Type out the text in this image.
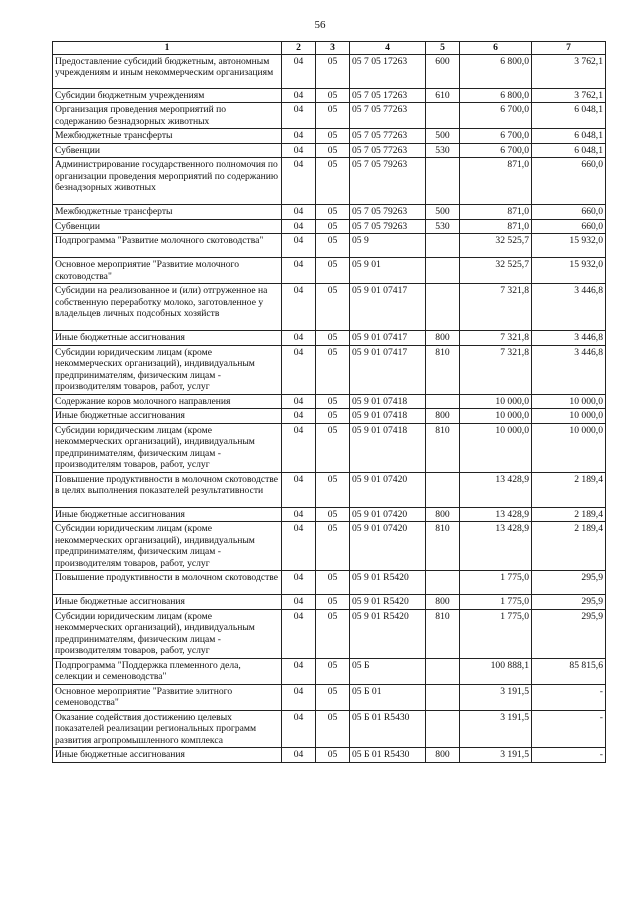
56
1	2	3	4	5	6	7
Предоставление субсидий бюджетным, автономным учреждениям и иным некоммерческим организациям	04	05	05 7 05 17263	600	6 800,0	3 762,1
Субсидии бюджетным учреждениям	04	05	05 7 05 17263	610	6 800,0	3 762,1
Организация проведения мероприятий по содержанию безнадзорных животных	04	05	05 7 05 77263		6 700,0	6 048,1
Межбюджетные трансферты	04	05	05 7 05 77263	500	6 700,0	6 048,1
Субвенции	04	05	05 7 05 77263	530	6 700,0	6 048,1
Администрирование государственного полномочия по организации проведения мероприятий по содержанию безнадзорных животных	04	05	05 7 05 79263		871,0	660,0
Межбюджетные трансферты	04	05	05 7 05 79263	500	871,0	660,0
Субвенции	04	05	05 7 05 79263	530	871,0	660,0
Подпрограмма "Развитие молочного скотоводства"	04	05	05 9		32 525,7	15 932,0
Основное мероприятие "Развитие молочного скотоводства"	04	05	05 9 01		32 525,7	15 932,0
Субсидии на реализованное и (или) отгруженное на собственную переработку молоко, заготовленное у владельцев личных подсобных хозяйств	04	05	05 9 01 07417		7 321,8	3 446,8
Иные бюджетные ассигнования	04	05	05 9 01 07417	800	7 321,8	3 446,8
Субсидии юридическим лицам (кроме некоммерческих организаций), индивидуальным предпринимателям, физическим лицам - производителям товаров, работ, услуг	04	05	05 9 01 07417	810	7 321,8	3 446,8
Содержание коров молочного направления	04	05	05 9 01 07418		10 000,0	10 000,0
Иные бюджетные ассигнования	04	05	05 9 01 07418	800	10 000,0	10 000,0
Субсидии юридическим лицам (кроме некоммерческих организаций), индивидуальным предпринимателям, физическим лицам - производителям товаров, работ, услуг	04	05	05 9 01 07418	810	10 000,0	10 000,0
Повышение продуктивности в молочном скотоводстве в целях выполнения показателей результативности	04	05	05 9 01 07420		13 428,9	2 189,4
Иные бюджетные ассигнования	04	05	05 9 01 07420	800	13 428,9	2 189,4
Субсидии юридическим лицам (кроме некоммерческих организаций), индивидуальным предпринимателям, физическим лицам - производителям товаров, работ, услуг	04	05	05 9 01 07420	810	13 428,9	2 189,4
Повышение продуктивности в молочном скотоводстве	04	05	05 9 01 R5420		1 775,0	295,9
Иные бюджетные ассигнования	04	05	05 9 01 R5420	800	1 775,0	295,9
Субсидии юридическим лицам (кроме некоммерческих организаций), индивидуальным предпринимателям, физическим лицам - производителям товаров, работ, услуг	04	05	05 9 01 R5420	810	1 775,0	295,9
Подпрограмма "Поддержка племенного дела, селекции и семеноводства"	04	05	05 Б		100 888,1	85 815,6
Основное мероприятие "Развитие элитного семеноводства"	04	05	05 Б 01		3 191,5	-
Оказание содействия достижению целевых показателей реализации региональных программ развития агропромышленного комплекса	04	05	05 Б 01 R5430		3 191,5	-
Иные бюджетные ассигнования	04	05	05 Б 01 R5430	800	3 191,5	-
